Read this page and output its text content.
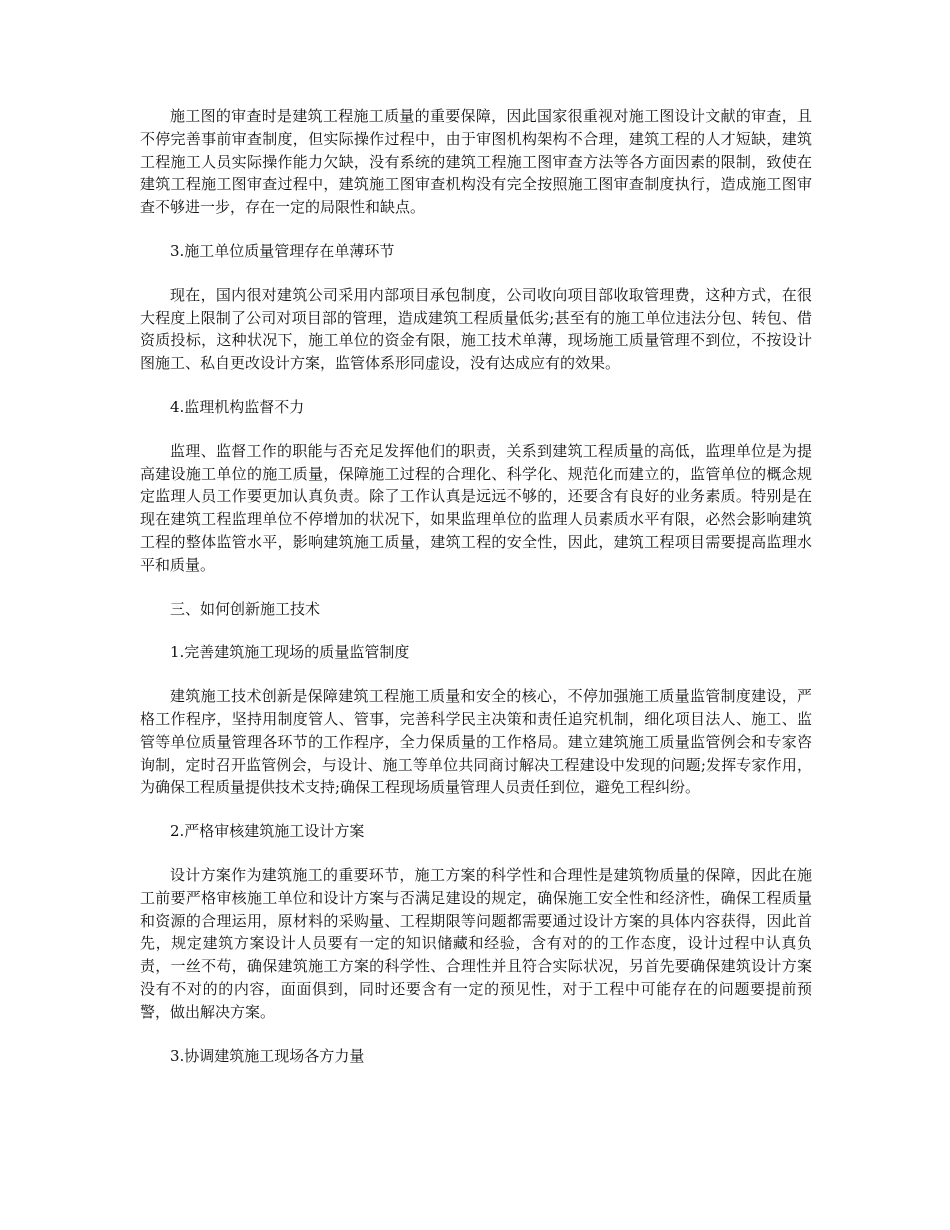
施工图的审查时是建筑工程施工质量的重要保障，因此国家很重视对施工图设计文献的审查，且不停完善事前审查制度，但实际操作过程中，由于审图机构架构不合理，建筑工程的人才短缺，建筑工程施工人员实际操作能力欠缺，没有系统的建筑工程施工图审查方法等各方面因素的限制，致使在建筑工程施工图审查过程中，建筑施工图审查机构没有完全按照施工图审查制度执行，造成施工图审查不够进一步，存在一定的局限性和缺点。

3.施工单位质量管理存在单薄环节

现在，国内很对建筑公司采用内部项目承包制度，公司收向项目部收取管理费，这种方式，在很大程度上限制了公司对项目部的管理，造成建筑工程质量低劣;甚至有的施工单位违法分包、转包、借资质投标，这种状况下，施工单位的资金有限，施工技术单薄，现场施工质量管理不到位，不按设计图施工、私自更改设计方案，监管体系形同虚设，没有达成应有的效果。

4.监理机构监督不力

监理、监督工作的职能与否充足发挥他们的职责，关系到建筑工程质量的高低，监理单位是为提高建设施工单位的施工质量，保障施工过程的合理化、科学化、规范化而建立的，监管单位的概念规定监理人员工作要更加认真负责。除了工作认真是远远不够的，还要含有良好的业务素质。特别是在现在建筑工程监理单位不停增加的状况下，如果监理单位的监理人员素质水平有限，必然会影响建筑工程的整体监管水平，影响建筑施工质量，建筑工程的安全性，因此，建筑工程项目需要提高监理水平和质量。

三、如何创新施工技术

1.完善建筑施工现场的质量监管制度

建筑施工技术创新是保障建筑工程施工质量和安全的核心，不停加强施工质量监管制度建设，严格工作程序，坚持用制度管人、管事，完善科学民主决策和责任追究机制，细化项目法人、施工、监管等单位质量管理各环节的工作程序，全力保质量的工作格局。建立建筑施工质量监管例会和专家咨询制，定时召开监管例会，与设计、施工等单位共同商讨解决工程建设中发现的问题;发挥专家作用，为确保工程质量提供技术支持;确保工程现场质量管理人员责任到位，避免工程纠纷。

2.严格审核建筑施工设计方案

设计方案作为建筑施工的重要环节，施工方案的科学性和合理性是建筑物质量的保障，因此在施工前要严格审核施工单位和设计方案与否满足建设的规定，确保施工安全性和经济性，确保工程质量和资源的合理运用，原材料的采购量、工程期限等问题都需要通过设计方案的具体内容获得，因此首先，规定建筑方案设计人员要有一定的知识储藏和经验，含有对的的工作态度，设计过程中认真负责，一丝不苟，确保建筑施工方案的科学性、合理性并且符合实际状况，另首先要确保建筑设计方案没有不对的的内容，面面俱到，同时还要含有一定的预见性，对于工程中可能存在的问题要提前预警，做出解决方案。

3.协调建筑施工现场各方力量
